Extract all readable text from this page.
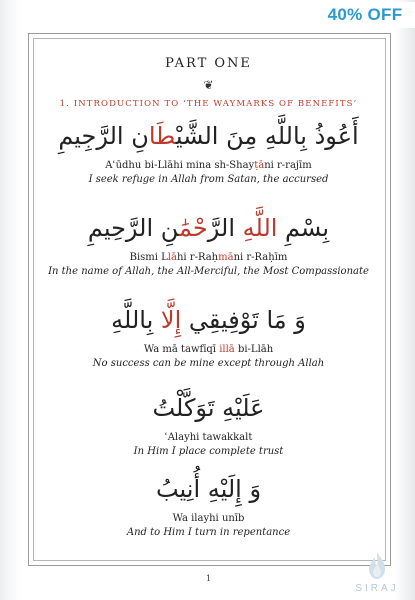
40% OFF
PART ONE
❦
1. INTRODUCTION TO ‘THE WAYMARKS OF BENEFITS’
أَعُوذُ بِاللَّهِ مِنَ الشَّيْطَانِ الرَّجِيمِ
Aʿūdhu bi-Llāhi mina sh-Shayṭāni r-rajīm
I seek refuge in Allah from Satan, the accursed
بِسْمِ اللَّهِ الرَّحْمَٰنِ الرَّحِيمِ
Bismi Llāhi r-Raḥmāni r-Raḥīm
In the name of Allah, the All-Merciful, the Most Compassionate
وَ مَا تَوْفِيقِي إِلَّا بِاللَّهِ
Wa mā tawfīqī illā bi-Llāh
No success can be mine except through Allah
عَلَيْهِ تَوَكَّلْتُ
ʿAlayhi tawakkalt
In Him I place complete trust
وَ إِلَيْهِ أُنِيبُ
Wa ilayhi unīb
And to Him I turn in repentance
1
SIRAJ
